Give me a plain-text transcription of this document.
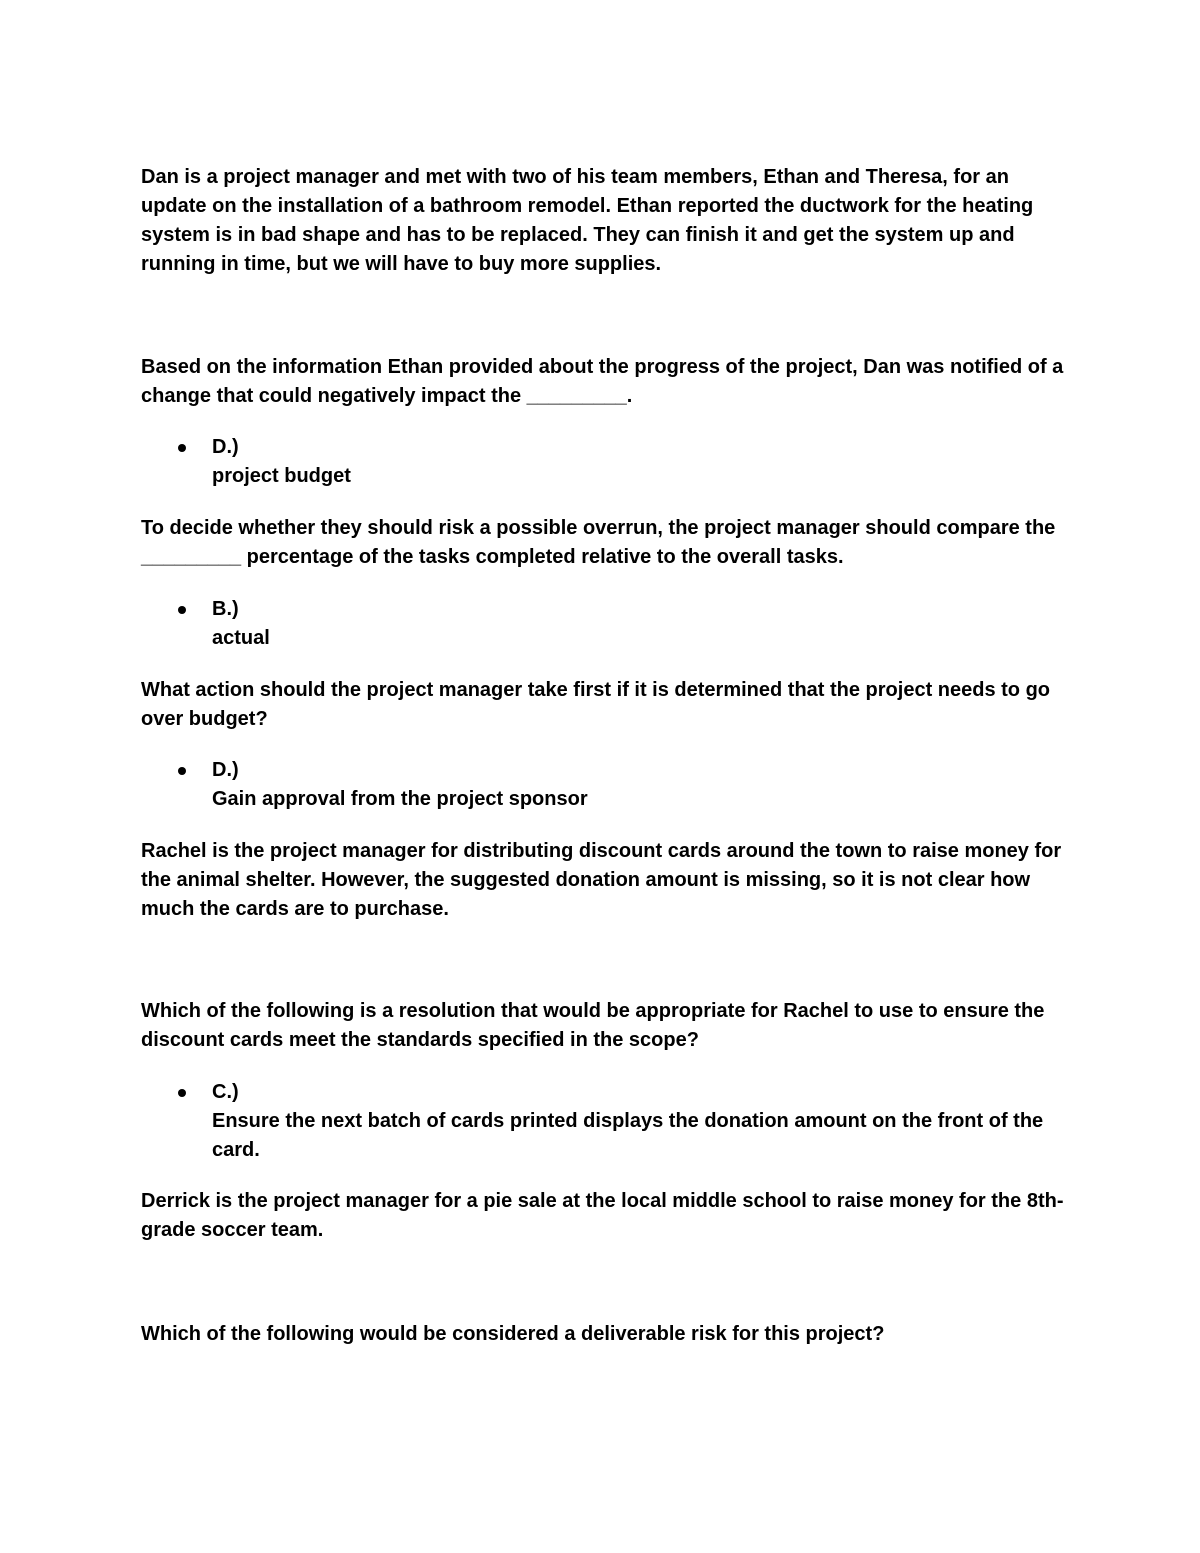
Dan is a project manager and met with two of his team members, Ethan and Theresa, for an update on the installation of a bathroom remodel. Ethan reported the ductwork for the heating system is in bad shape and has to be replaced. They can finish it and get the system up and running in time, but we will have to buy more supplies.

Based on the information Ethan provided about the progress of the project, Dan was notified of a change that could negatively impact the _________.

D.)
project budget

To decide whether they should risk a possible overrun, the project manager should compare the _________ percentage of the tasks completed relative to the overall tasks.

B.)
actual

What action should the project manager take first if it is determined that the project needs to go over budget?

D.)
Gain approval from the project sponsor

Rachel is the project manager for distributing discount cards around the town to raise money for the animal shelter. However, the suggested donation amount is missing, so it is not clear how much the cards are to purchase.

Which of the following is a resolution that would be appropriate for Rachel to use to ensure the discount cards meet the standards specified in the scope?

C.)
Ensure the next batch of cards printed displays the donation amount on the front of the card.

Derrick is the project manager for a pie sale at the local middle school to raise money for the 8th-grade soccer team.

Which of the following would be considered a deliverable risk for this project?
